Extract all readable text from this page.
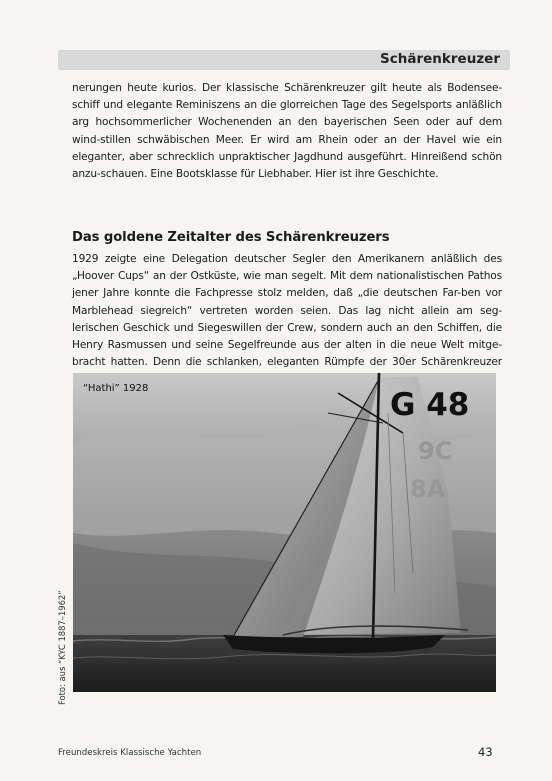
Schärenkreuzer

nerungen heute kurios. Der klassische Schärenkreuzer gilt heute als Bodensee-schiff und elegante Reminiszens an die glorreichen Tage des Segelsports anläßlich arg hochsommerlicher Wochenenden an den bayerischen Seen oder auf dem wind-stillen schwäbischen Meer. Er wird am Rhein oder an der Havel wie ein eleganter, aber schrecklich unpraktischer Jagdhund ausgeführt. Hinreißend schön anzu-schauen. Eine Bootsklasse für Liebhaber. Hier ist ihre Geschichte.

Das goldene Zeitalter des Schärenkreuzers

1929 zeigte eine Delegation deutscher Segler den Amerikanern anläßlich des „Hoover Cups“ an der Ostküste, wie man segelt. Mit dem nationalistischen Pathos jener Jahre konnte die Fachpresse stolz melden, daß „die deutschen Far-ben vor Marblehead siegreich“ vertreten worden seien. Das lag nicht allein am seg-lerischen Geschick und Siegeswillen der Crew, sondern auch an den Schiffen, die Henry Rasmussen und seine Segelfreunde aus der alten in die neue Welt mitge-bracht hatten. Denn die schlanken, eleganten Rümpfe der 30er Schärenkreuzer

G 48
9C
8A
“Hathi” 1928
Foto: aus “KYC 1887–1962”
Freundeskreis Klassische Yachten	43
